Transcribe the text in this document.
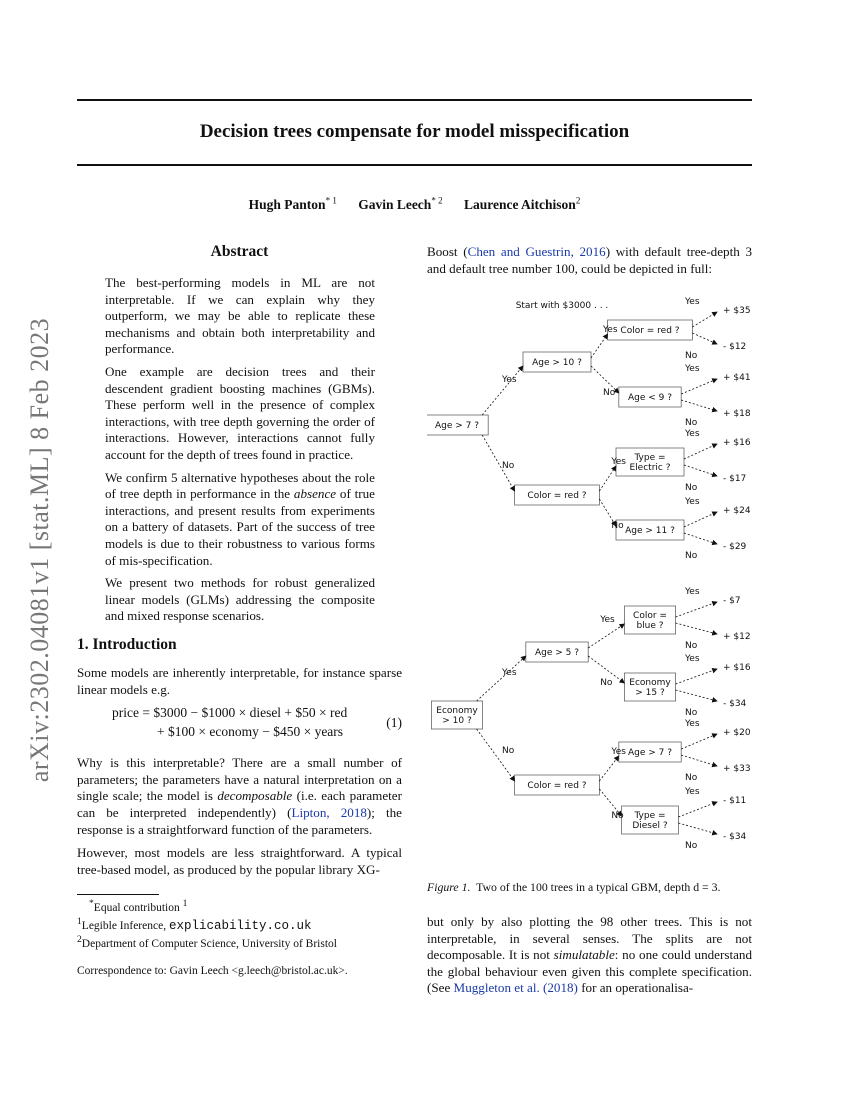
Decision trees compensate for model misspecification
Hugh Panton$^{* 1}$ Gavin Leech$^{* 2}$ Laurence Aitchison$^2$
arXiv:2302.04081v1 [stat.ML] 8 Feb 2023
Abstract

The best-performing models in ML are not interpretable. If we can explain why they outperform, we may be able to replicate these mechanisms and obtain both interpretability and performance.

One example are decision trees and their descendent gradient boosting machines (GBMs). These perform well in the presence of complex interactions, with tree depth governing the order of interactions. However, interactions cannot fully account for the depth of trees found in practice.

We confirm 5 alternative hypotheses about the role of tree depth in performance in the absence of true interactions, and present results from experiments on a battery of datasets. Part of the success of tree models is due to their robustness to various forms of mis-specification.

We present two methods for robust generalized linear models (GLMs) addressing the composite and mixed response scenarios.

1. Introduction

Some models are inherently interpretable, for instance sparse linear models e.g.

price = $3000 − $1000 × diesel + $50 × red
+ $100 × economy − $450 × years
(1)

Why is this interpretable? There are a small number of parameters; the parameters have a natural interpretation on a single scale; the model is decomposable (i.e. each parameter can be interpreted independently) (Lipton, 2018); the response is a straightforward function of the parameters.

However, most models are less straightforward. A typical tree-based model, as produced by the popular library XG-

*Equal contribution $^1$
$^1$Legible Inference, explicability.co.uk
$^2$Department of Computer Science, University of Bristol
Correspondence to: Gavin Leech <g.leech@bristol.ac.uk>.
Boost (Chen and Guestrin, 2016) with default tree-depth 3 and default tree number 100, could be depicted in full:
Start with $3000 . . .
Age > 7 ?
Age > 10 ?
Color = red ?
Yes
No
Color = red ?
Yes
Yes
No
+ $35
- $12
Age < 9 ?
No
Yes
No
+ $41
+ $18
Type =
Electric ?
Yes
Yes
No
+ $16
- $17
Age > 11 ?
No
Yes
No
+ $24
- $29
Economy
> 10 ?
Age > 5 ?
Color = red ?
Yes
No
Color =
blue ?
Yes
Yes
No
- $7
+ $12
Economy
> 15 ?
No
Yes
No
+ $16
- $34
Age > 7 ?
Yes
Yes
No
+ $20
+ $33
Type =
Diesel ?
No
Yes
No
- $11
- $34
Figure 1. Two of the 100 trees in a typical GBM, depth d = 3.
but only by also plotting the 98 other trees. This is not interpretable, in several senses. The splits are not decomposable. It is not simulatable: no one could understand the global behaviour even given this complete specification. (See Muggleton et al. (2018) for an operationalisa-
